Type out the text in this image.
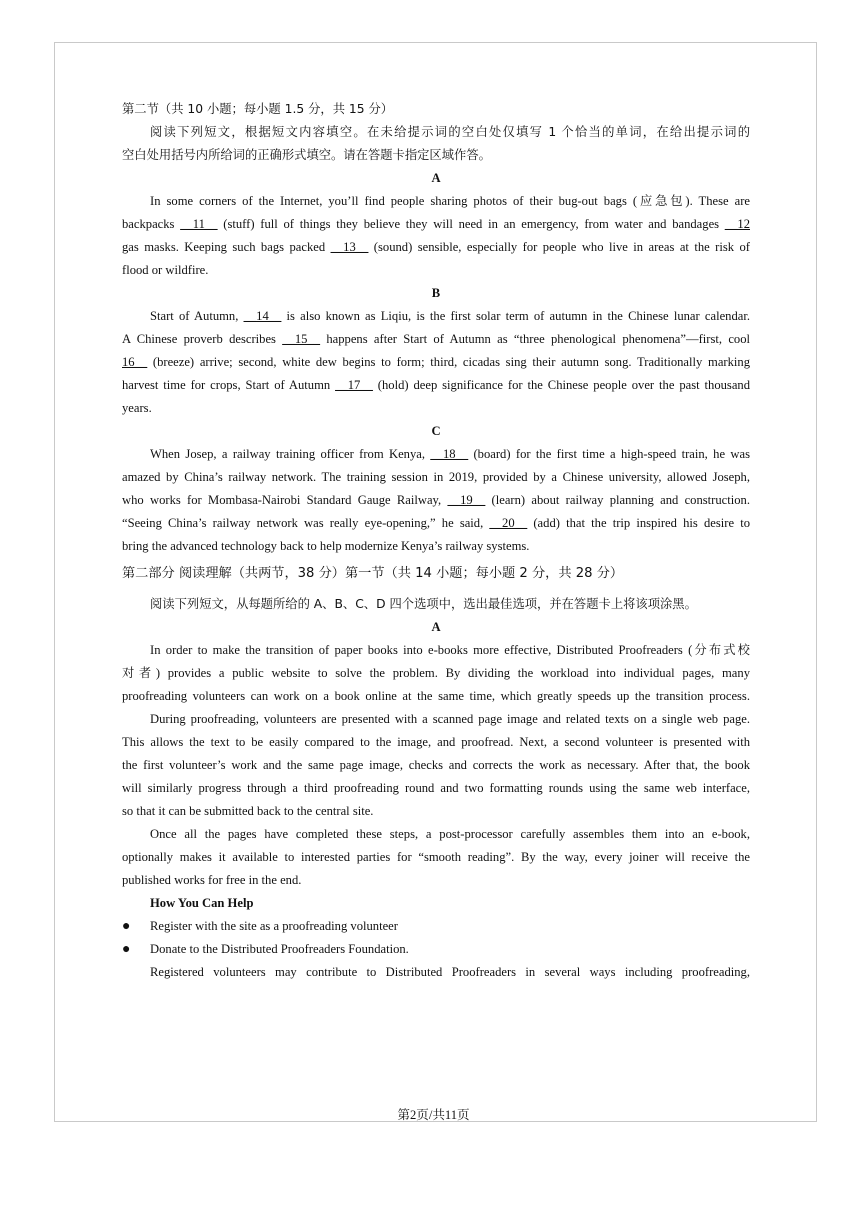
第二节（共 10 小题；每小题 1.5 分，共 15 分）
阅读下列短文，根据短文内容填空。在未给提示词的空白处仅填写 1 个恰当的单词，在给出提示词的
空白处用括号内所给词的正确形式填空。请在答题卡指定区域作答。
A
In some corners of the Internet, you’ll find people sharing photos of their bug-out bags (应急包). These are
backpacks __11__ (stuff) full of things they believe they will need in an emergency, from water and bandages __12
gas masks. Keeping such bags packed __13__ (sound) sensible, especially for people who live in areas at the risk of
flood or wildfire.
B
Start of Autumn, __14__ is also known as Liqiu, is the first solar term of autumn in the Chinese lunar calendar.
A Chinese proverb describes __15__ happens after Start of Autumn as “three phenological phenomena”—first, cool
16__ (breeze) arrive; second, white dew begins to form; third, cicadas sing their autumn song. Traditionally marking
harvest time for crops, Start of Autumn __17__ (hold) deep significance for the Chinese people over the past thousand
years.
C
When Josep, a railway training officer from Kenya, __18__ (board) for the first time a high-speed train, he was
amazed by China’s railway network. The training session in 2019, provided by a Chinese university, allowed Joseph,
who works for Mombasa-Nairobi Standard Gauge Railway, __19__ (learn) about railway planning and construction.
“Seeing China’s railway network was really eye-opening,” he said, __20__ (add) that the trip inspired his desire to
bring the advanced technology back to help modernize Kenya’s railway systems.
第二部分 阅读理解（共两节，38 分）第一节（共 14 小题；每小题 2 分，共 28 分）
阅读下列短文，从每题所给的 A、B、C、D 四个选项中，选出最佳选项，并在答题卡上将该项涂黑。
A
In order to make the transition of paper books into e-books more effective, Distributed Proofreaders (分布式校
对者) provides a public website to solve the problem. By dividing the workload into individual pages, many
proofreading volunteers can work on a book online at the same time, which greatly speeds up the transition process.
During proofreading, volunteers are presented with a scanned page image and related texts on a single web page.
This allows the text to be easily compared to the image, and proofread. Next, a second volunteer is presented with
the first volunteer’s work and the same page image, checks and corrects the work as necessary. After that, the book
will similarly progress through a third proofreading round and two formatting rounds using the same web interface,
so that it can be submitted back to the central site.
Once all the pages have completed these steps, a post-processor carefully assembles them into an e-book,
optionally makes it available to interested parties for “smooth reading”. By the way, every joiner will receive the
published works for free in the end.
How You Can Help
● Register with the site as a proofreading volunteer
● Donate to the Distributed Proofreaders Foundation.
Registered volunteers may contribute to Distributed Proofreaders in several ways including proofreading,
第2页/共11页
